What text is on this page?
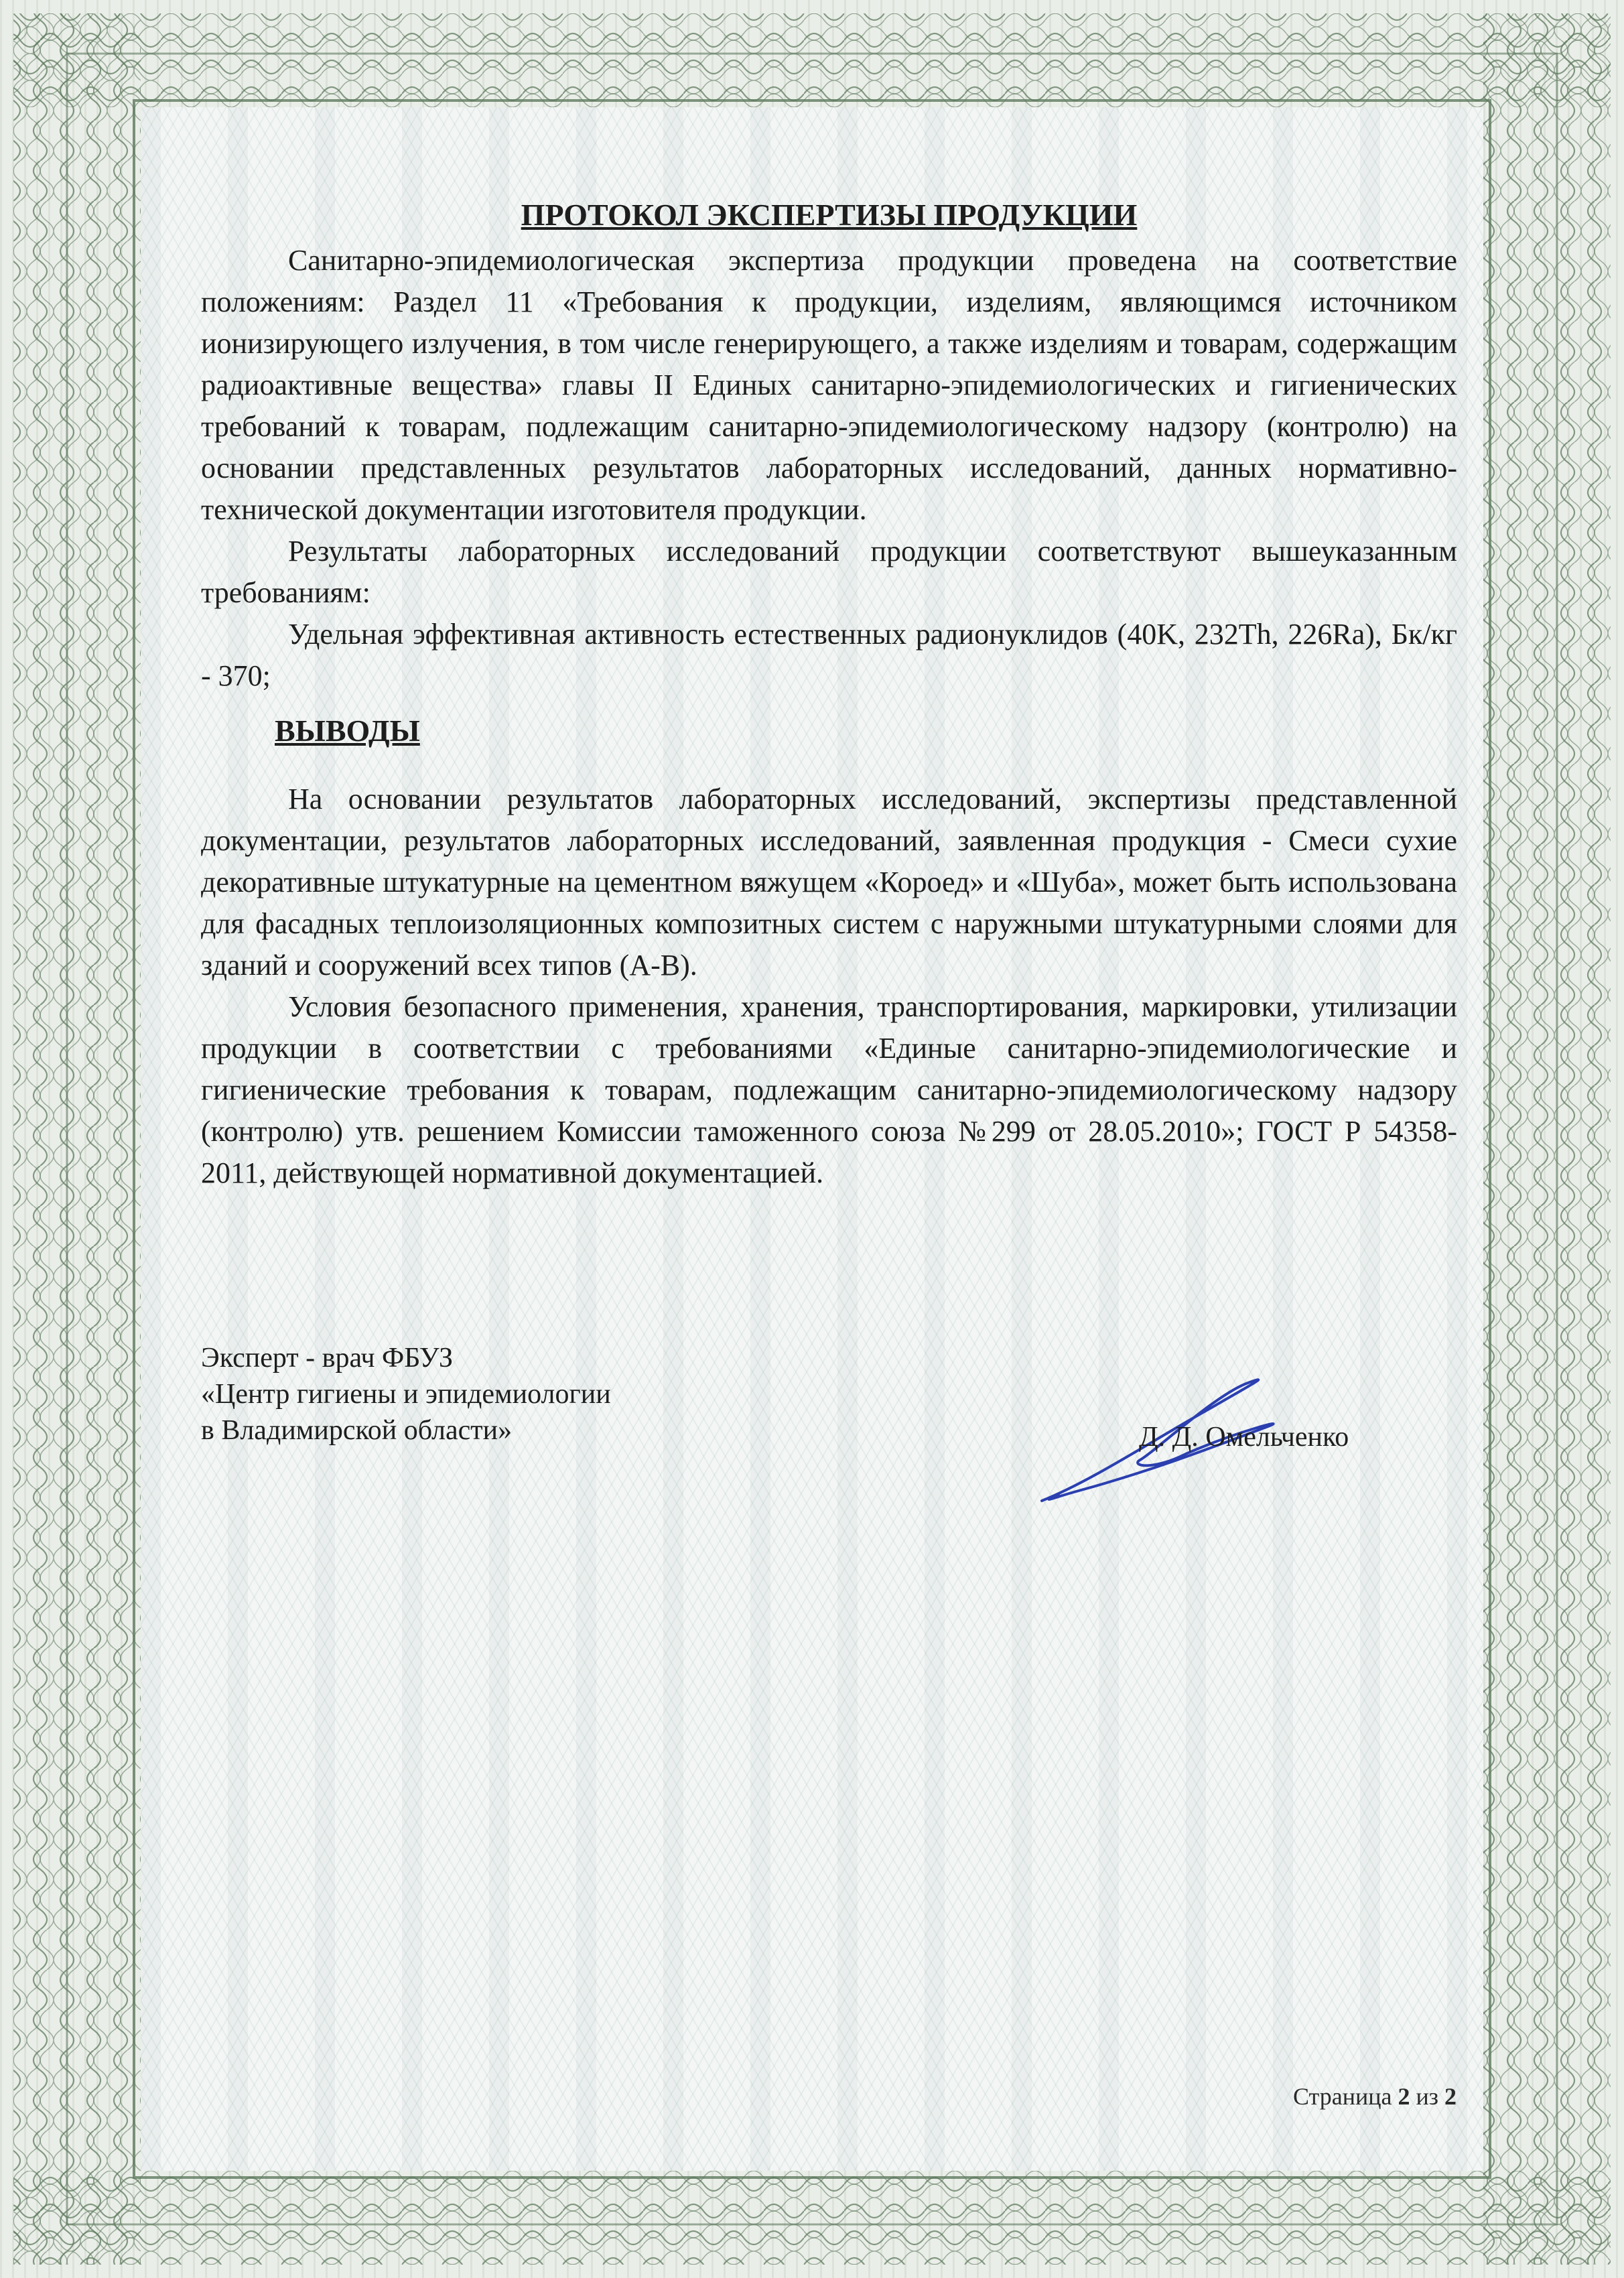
ПРОТОКОЛ ЭКСПЕРТИЗЫ ПРОДУКЦИИ

Санитарно-эпидемиологическая экспертиза продукции проведена на соответствие положениям: Раздел 11 «Требования к продукции, изделиям, являющимся источником ионизирующего излучения, в том числе генерирующего, а также изделиям и товарам, содержащим радиоактивные вещества» главы II Единых санитарно-эпидемиологических и гигиенических требований к товарам, подлежащим санитарно-эпидемиологическому надзору (контролю) на основании представленных результатов лабораторных исследований, данных нормативно-технической документации изготовителя продукции.

Результаты лабораторных исследований продукции соответствуют вышеуказанным требованиям:

Удельная эффективная активность естественных радионуклидов (40K, 232Th, 226Ra), Бк/кг - 370;

ВЫВОДЫ

На основании результатов лабораторных исследований, экспертизы представленной документации, результатов лабораторных исследований, заявленная продукция - Смеси сухие декоративные штукатурные на цементном вяжущем «Короед» и «Шуба», может быть использована для фасадных теплоизоляционных композитных систем с наружными штукатурными слоями для зданий и сооружений всех типов (А-В).

Условия безопасного применения, хранения, транспортирования, маркировки, утилизации продукции в соответствии с требованиями «Единые санитарно-эпидемиологические и гигиенические требования к товарам, подлежащим санитарно-эпидемиологическому надзору (контролю) утв. решением Комиссии таможенного союза №299 от 28.05.2010»; ГОСТ Р 54358-2011, действующей нормативной документацией.

Эксперт - врач ФБУЗ
«Центр гигиены и эпидемиологии
в Владимирской области»	Д. Д. Омельченко
Страница 2 из 2
